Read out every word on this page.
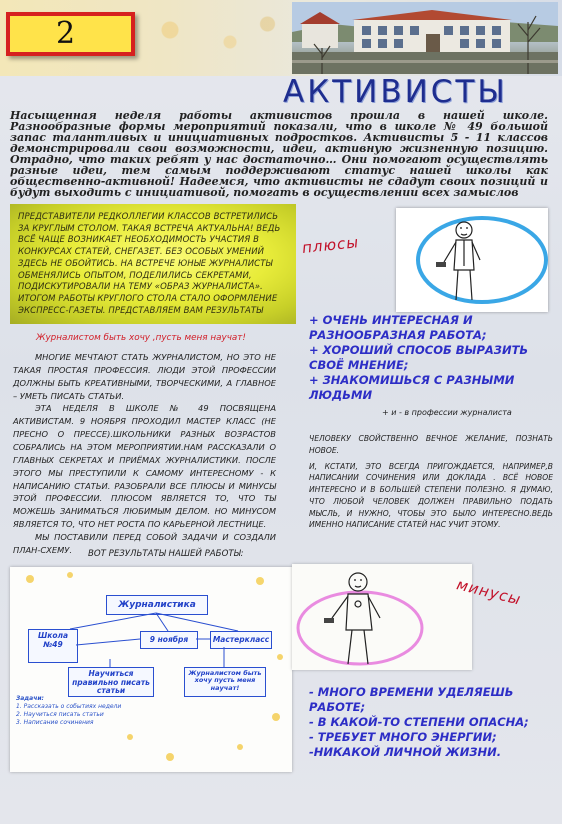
2
АКТИВИСТЫ

Насыщенная неделя работы активистов прошла в нашей школе. Разнообразные формы мероприятий показали, что в школе № 49 большой запас талантливых и инициативных подростков. Активисты 5 - 11 классов демонстрировали свои возможности, идеи, активную жизненную позицию. Отрадно, что таких ребят у нас достаточно… Они помогают осуществлять разные идеи, тем самым поддерживают статус нашей школы как общественно-активной! Надеемся, что активисты не сдадут своих позиций и будут выходить с инициативой, помогать в осуществлении всех замыслов

ПРЕДСТАВИТЕЛИ РЕДКОЛЛЕГИИ КЛАССОВ ВСТРЕТИЛИСЬ ЗА КРУГЛЫМ СТОЛОМ. ТАКАЯ ВСТРЕЧА АКТУАЛЬНА! ВЕДЬ ВСЁ ЧАЩЕ ВОЗНИКАЕТ НЕОБХОДИМОСТЬ УЧАСТИЯ В КОНКУРСАХ СТАТЕЙ, СНЕГАЗЕТ. БЕЗ ОСОБЫХ УМЕНИЙ ЗДЕСЬ НЕ ОБОЙТИСЬ. НА ВСТРЕЧЕ ЮНЫЕ ЖУРНАЛИСТЫ ОБМЕНЯЛИСЬ ОПЫТОМ, ПОДЕЛИЛИСЬ СЕКРЕТАМИ, ПОДИСКУТИРОВАЛИ НА ТЕМУ «ОБРАЗ ЖУРНАЛИСТА». ИТОГОМ РАБОТЫ КРУГЛОГО СТОЛА СТАЛО ОФОРМЛЕНИЕ ЭКСПРЕСС-ГАЗЕТЫ. ПРЕДСТАВЛЯЕМ ВАМ РЕЗУЛЬТАТЫ

плюсы
+ ОЧЕНЬ ИНТЕРЕСНАЯ И РАЗНООБРАЗНАЯ РАБОТА;
+ ХОРОШИЙ СПОСОБ ВЫРАЗИТЬ СВОЁ МНЕНИЕ;
+ ЗНАКОМИШЬСЯ С РАЗНЫМИ ЛЮДЬМИ
+ и - в профессии журналиста

ЧЕЛОВЕКУ СВОЙСТВЕННО ВЕЧНОЕ ЖЕЛАНИЕ, ПОЗНАТЬ НОВОЕ.

И, КСТАТИ, ЭТО ВСЕГДА ПРИГОЖДАЕТСЯ, НАПРИМЕР,В НАПИСАНИИ СОЧИНЕНИЯ ИЛИ ДОКЛАДА . ВСЁ НОВОЕ ИНТЕРЕСНО И В БОЛЬШЕЙ СТЕПЕНИ ПОЛЕЗНО. Я ДУМАЮ, ЧТО ЛЮБОЙ ЧЕЛОВЕК ДОЛЖЕН ПРАВИЛЬНО ПОДАТЬ МЫСЛЬ, И НУЖНО, ЧТОБЫ ЭТО БЫЛО ИНТЕРЕСНО.ВЕДЬ ИМЕННО НАПИСАНИЕ СТАТЕЙ НАС УЧИТ ЭТОМУ.

Журналистом быть хочу ,пусть меня научат!

МНОГИЕ МЕЧТАЮТ СТАТЬ ЖУРНАЛИСТОМ, НО ЭТО НЕ ТАКАЯ ПРОСТАЯ ПРОФЕССИЯ. ЛЮДИ ЭТОЙ ПРОФЕССИИ ДОЛЖНЫ БЫТЬ КРЕАТИВНЫМИ, ТВОРЧЕСКИМИ, А ГЛАВНОЕ – УМЕТЬ ПИСАТЬ СТАТЬИ.

ЭТА НЕДЕЛЯ В ШКОЛЕ № 49 ПОСВЯЩЕНА АКТИВИСТАМ. 9 НОЯБРЯ ПРОХОДИЛ МАСТЕР КЛАСС (НЕ ПРЕСНО О ПРЕССЕ).ШКОЛЬНИКИ РАЗНЫХ ВОЗРАСТОВ СОБРАЛИСЬ НА ЭТОМ МЕРОПРИЯТИИ.НАМ РАССКАЗАЛИ О ГЛАВНЫХ СЕКРЕТАХ И ПРИЁМАХ ЖУРНАЛИСТИКИ. ПОСЛЕ ЭТОГО МЫ ПРЕСТУПИЛИ К САМОМУ ИНТЕРЕСНОМУ - К НАПИСАНИЮ СТАТЬИ. РАЗОБРАЛИ ВСЕ ПЛЮСЫ И МИНУСЫ ЭТОЙ ПРОФЕССИИ. ПЛЮСОМ ЯВЛЯЕТСЯ ТО, ЧТО ТЫ МОЖЕШЬ ЗАНИМАТЬСЯ ЛЮБИМЫМ ДЕЛОМ. НО МИНУСОМ ЯВЛЯЕТСЯ ТО, ЧТО НЕТ РОСТА ПО КАРЬЕРНОЙ ЛЕСТНИЦЕ.

МЫ ПОСТАВИЛИ ПЕРЕД СОБОЙ ЗАДАЧИ И СОЗДАЛИ ПЛАН-СХЕМУ.	ВОТ РЕЗУЛЬТАТЫ НАШЕЙ РАБОТЫ:
Журналистика
Школа №49
9 ноября	Мастеркласс
Научиться правильно писать статьи
Журналистом быть хочу пусть меня научат!
Задачи:
1. Рассказать о событиях недели
2. Научиться писать статьи
3. Написание сочинения
минусы
- МНОГО ВРЕМЕНИ УДЕЛЯЕШЬ РАБОТЕ;
- В КАКОЙ-ТО СТЕПЕНИ ОПАСНА;
- ТРЕБУЕТ МНОГО ЭНЕРГИИ;
-НИКАКОЙ ЛИЧНОЙ ЖИЗНИ.
